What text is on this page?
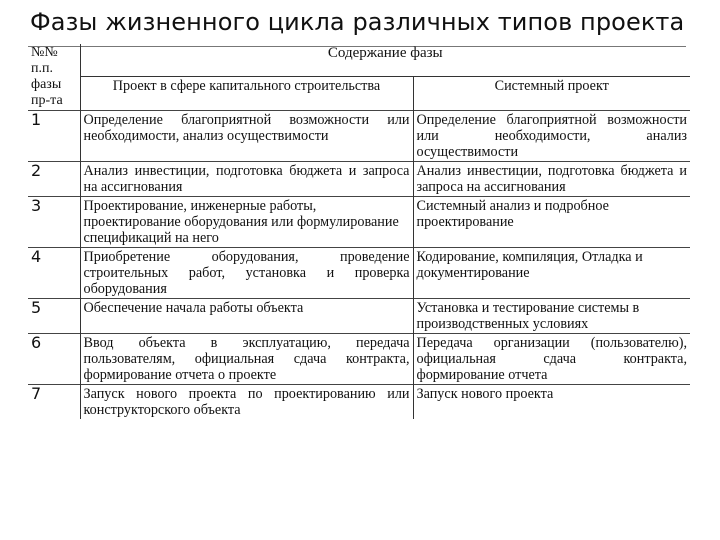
Фазы жизненного цикла различных типов проекта
№№
п.п.
фазы
пр-та	Содержание фазы	
	Проект в сфере капитального строительства	Системный проект
1	Определение благоприятной возможности или необходимости, анализ осуществимости	Определение благоприятной возможности или необходимости, анализ осуществимости
2	Анализ инвестиции, подготовка бюджета и запроса на ассигнования	Анализ инвестиции, подготовка бюджета и запроса на ассигнования
3	Проектирование, инженерные работы, проектирование оборудования или формулирование спецификаций на него	Системный анализ и подробное проектирование
4	Приобретение оборудования, проведение строительных работ, установка и проверка оборудования	Кодирование, компиляция, Отладка и документирование
5	Обеспечение начала работы объекта	Установка и тестирование системы в производственных условиях
6	Ввод объекта в эксплуатацию, передача пользователям, официальная сдача контракта, формирование отчета о проекте	Передача организации (пользователю), официальная сдача контракта, формирование отчета
7	Запуск нового проекта по проектированию или конструкторского объекта	Запуск нового проекта
